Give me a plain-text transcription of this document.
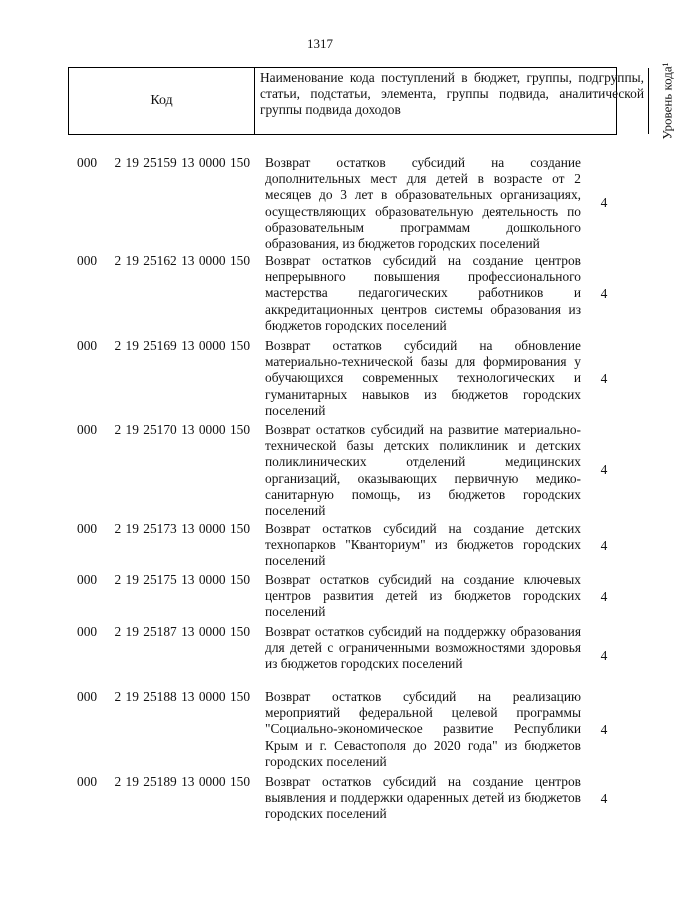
1317
Код
Наименование кода поступлений в бюджет, группы, подгруппы, статьи, подстатьи, элемента, группы подвида, аналитической группы подвида доходов	Уровень кода¹
000 2 19 25159 13 0000 150 Возврат остатков субсидий на создание дополнительных мест для детей в возрасте от 2 месяцев до 3 лет в образовательных организациях, осуществляющих образовательную деятельность по образовательным программам дошкольного образования, из бюджетов городских поселений
4
000 2 19 25162 13 0000 150 Возврат остатков субсидий на создание центров непрерывного повышения профессионального мастерства педагогических работников и аккредитационных центров системы образования из бюджетов городских поселений
4
000 2 19 25169 13 0000 150 Возврат остатков субсидий на обновление материально-технической базы для формирования у обучающихся современных технологических и гуманитарных навыков из бюджетов городских поселений
4
000 2 19 25170 13 0000 150 Возврат остатков субсидий на развитие материально-технической базы детских поликлиник и детских поликлинических отделений медицинских организаций, оказывающих первичную медико-санитарную помощь, из бюджетов городских поселений
4
000 2 19 25173 13 0000 150 Возврат остатков субсидий на создание детских технопарков "Кванториум" из бюджетов городских поселений
4
000 2 19 25175 13 0000 150 Возврат остатков субсидий на создание ключевых центров развития детей из бюджетов городских поселений
4
000 2 19 25187 13 0000 150 Возврат остатков субсидий на поддержку образования для детей с ограниченными возможностями здоровья из бюджетов городских поселений
4
000 2 19 25188 13 0000 150 Возврат остатков субсидий на реализацию мероприятий федеральной целевой программы "Социально-экономическое развитие Республики Крым и г. Севастополя до 2020 года" из бюджетов городских поселений
4
000 2 19 25189 13 0000 150 Возврат остатков субсидий на создание центров выявления и поддержки одаренных детей из бюджетов городских поселений
4
